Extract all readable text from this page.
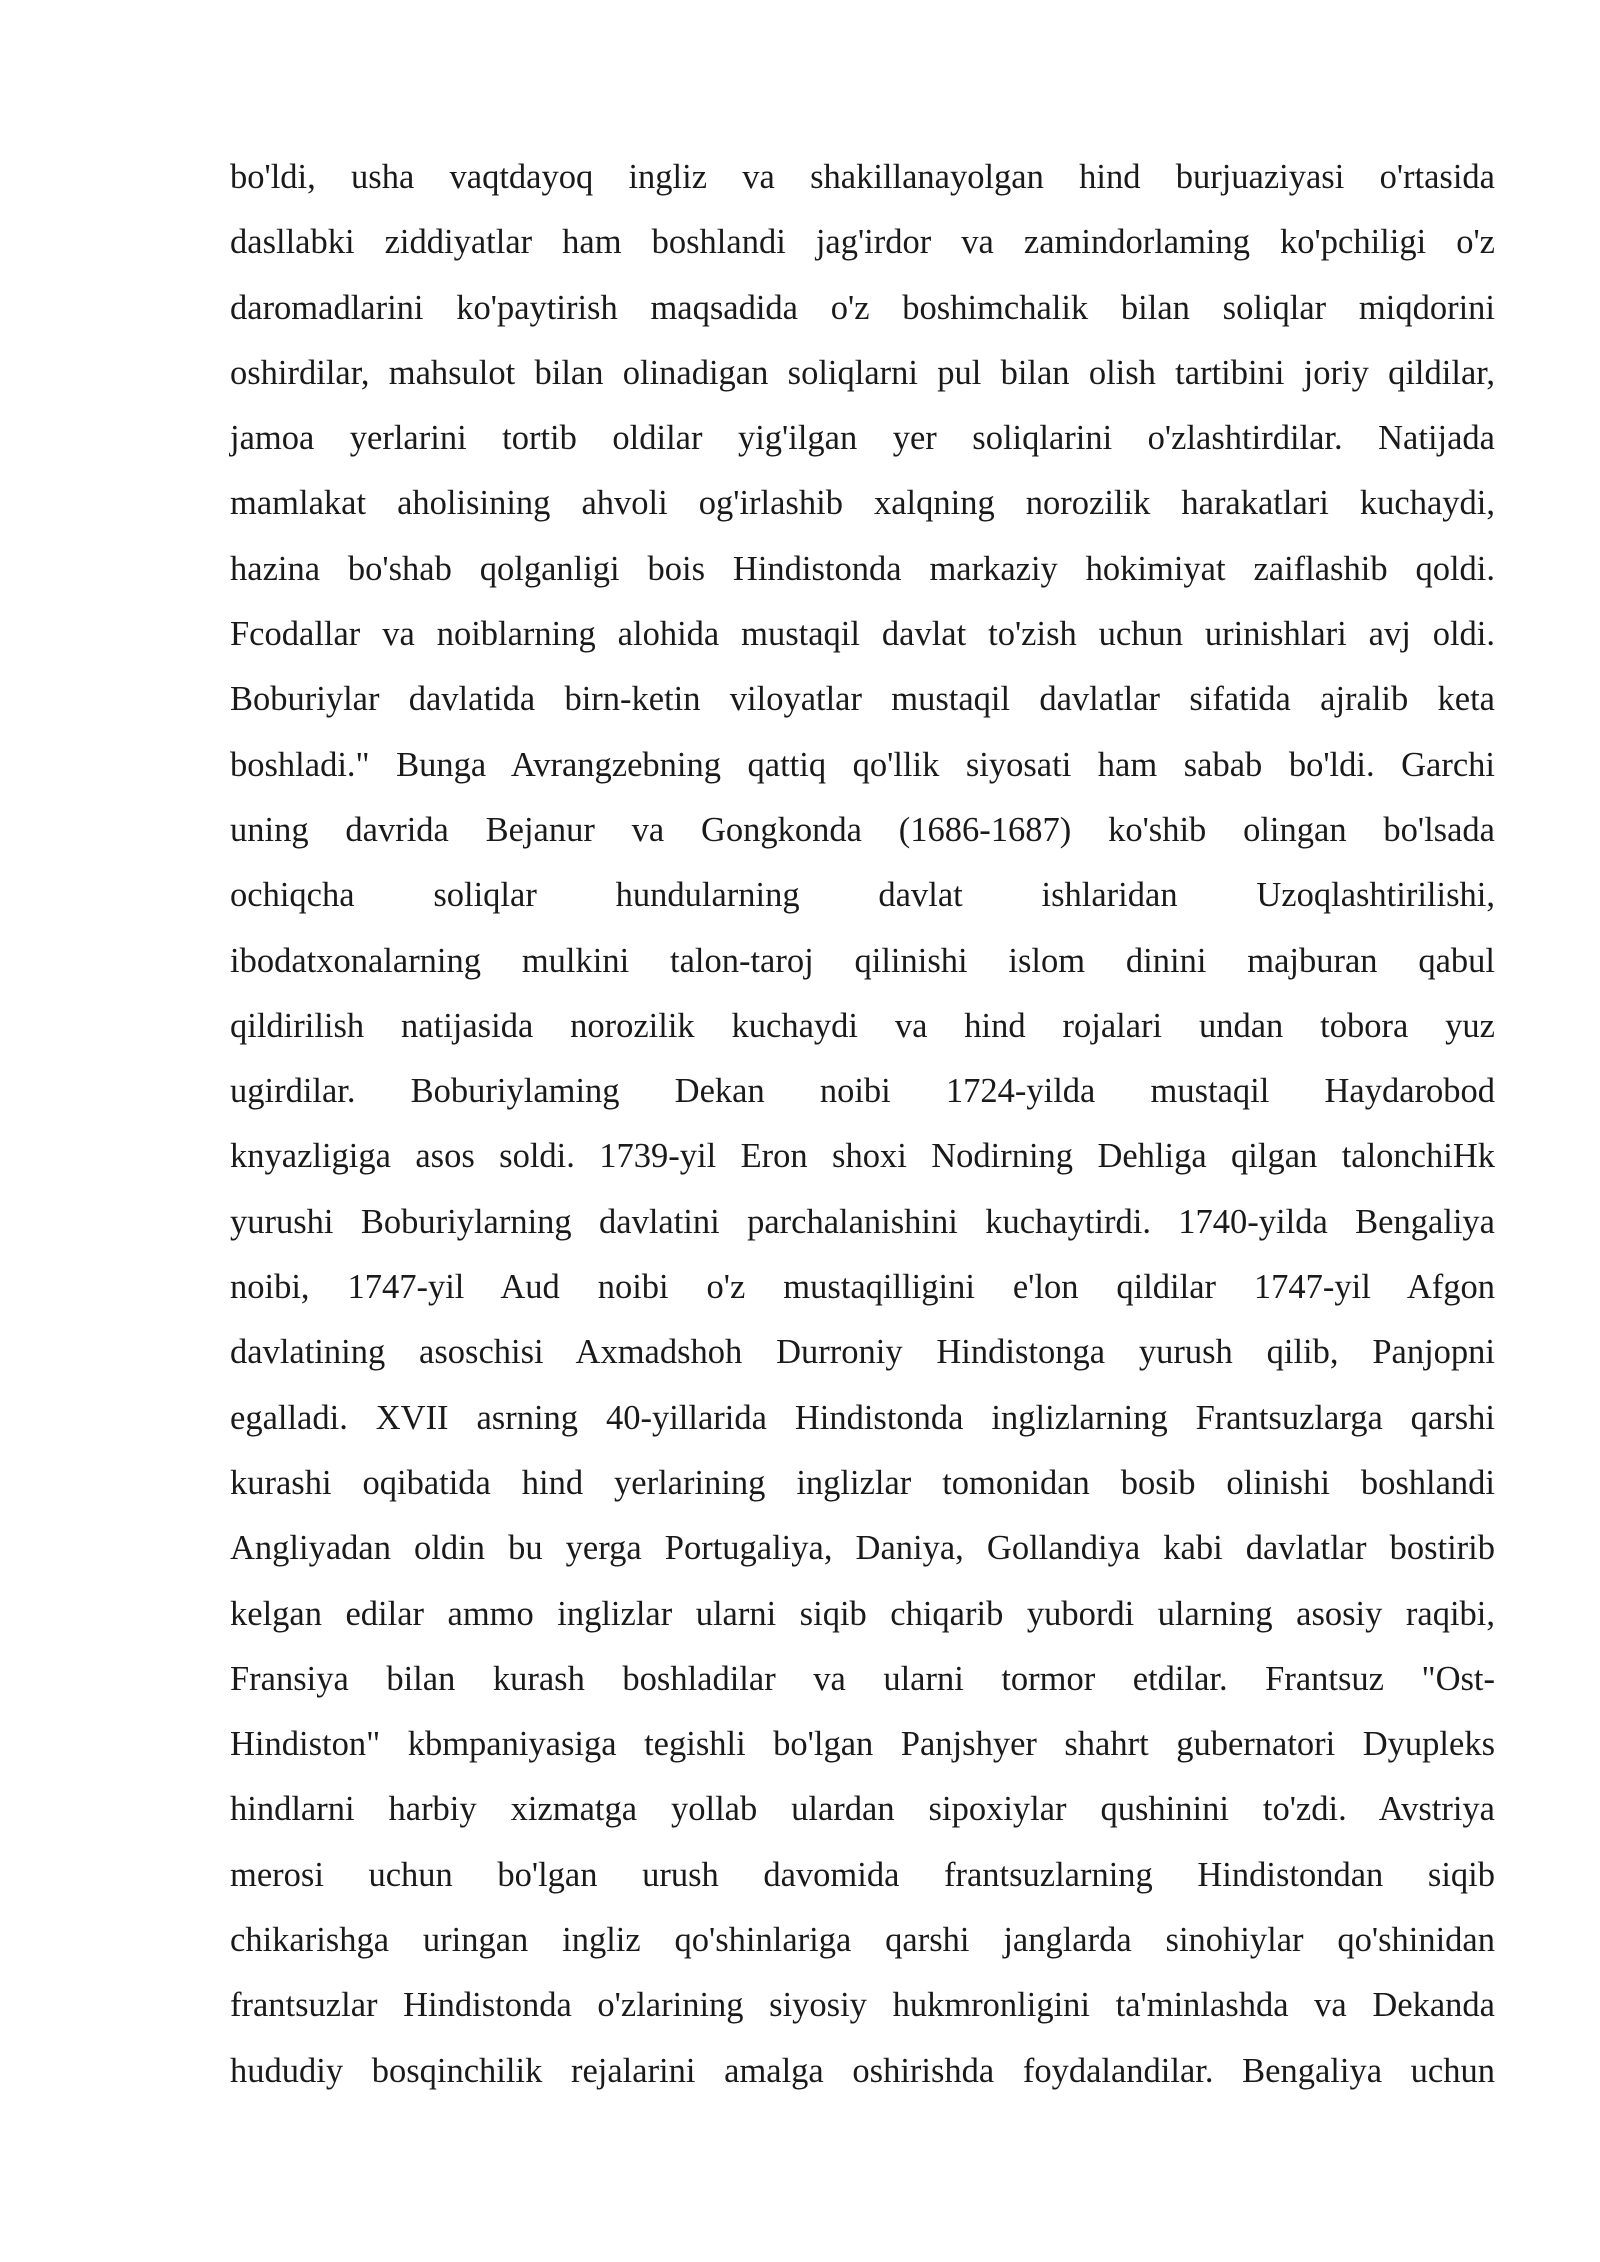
bo'ldi, usha vaqtdayoq ingliz va shakillanayolgan hind burjuaziyasi o'rtasida
dasllabki ziddiyatlar ham boshlandi jag'irdor va zamindorlaming ko'pchiligi o'z
daromadlarini ko'paytirish maqsadida o'z boshimchalik bilan soliqlar miqdorini
oshirdilar, mahsulot bilan olinadigan soliqlarni pul bilan olish tartibini joriy qildilar,
jamoa yerlarini tortib oldilar yig'ilgan yer soliqlarini o'zlashtirdilar. Natijada
mamlakat aholisining ahvoli og'irlashib xalqning norozilik harakatlari kuchaydi,
hazina bo'shab qolganligi bois Hindistonda markaziy hokimiyat zaiflashib qoldi.
Fcodallar va noiblarning alohida mustaqil davlat to'zish uchun urinishlari avj oldi.
Boburiylar davlatida birn-ketin viloyatlar mustaqil davlatlar sifatida ajralib keta
boshladi." Bunga Avrangzebning qattiq qo'llik siyosati ham sabab bo'ldi. Garchi
uning davrida Bejanur va Gongkonda (1686-1687) ko'shib olingan bo'lsada
ochiqcha soliqlar hundularning davlat ishlaridan Uzoqlashtirilishi,
ibodatxonalarning mulkini talon-taroj qilinishi islom dinini majburan qabul
qildirilish natijasida norozilik kuchaydi va hind rojalari undan tobora yuz
ugirdilar. Boburiylaming Dekan noibi 1724-yilda mustaqil Haydarobod
knyazligiga asos soldi. 1739-yil Eron shoxi Nodirning Dehliga qilgan talonchiHk
yurushi Boburiylarning davlatini parchalanishini kuchaytirdi. 1740-yilda Bengaliya
noibi, 1747-yil Aud noibi o'z mustaqilligini e'lon qildilar 1747-yil Afgon
davlatining asoschisi Axmadshoh Durroniy Hindistonga yurush qilib, Panjopni
egalladi. XVII asrning 40-yillarida Hindistonda inglizlarning Frantsuzlarga qarshi
kurashi oqibatida hind yerlarining inglizlar tomonidan bosib olinishi boshlandi
Angliyadan oldin bu yerga Portugaliya, Daniya, Gollandiya kabi davlatlar bostirib
kelgan edilar ammo inglizlar ularni siqib chiqarib yubordi ularning asosiy raqibi,
Fransiya bilan kurash boshladilar va ularni tormor etdilar. Frantsuz "Ost-
Hindiston" kbmpaniyasiga tegishli bo'lgan Panjshyer shahrt gubernatori Dyupleks
hindlarni harbiy xizmatga yollab ulardan sipoxiylar qushinini to'zdi. Avstriya
merosi uchun bo'lgan urush davomida frantsuzlarning Hindistondan siqib
chikarishga uringan ingliz qo'shinlariga qarshi janglarda sinohiylar qo'shinidan
frantsuzlar Hindistonda o'zlarining siyosiy hukmronligini ta'minlashda va Dekanda
hududiy bosqinchilik rejalarini amalga oshirishda foydalandilar. Bengaliya uchun
